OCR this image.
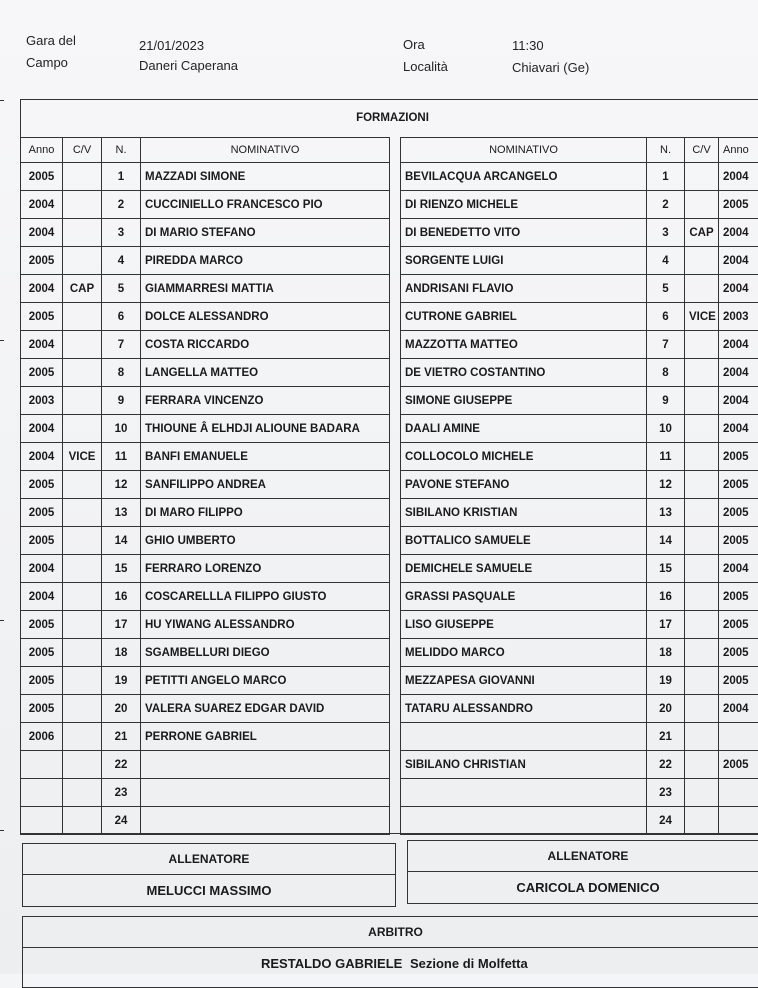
Gara del	21/01/2023	Ora	11:30
Campo	Daneri Caperana	Località	Chiavari (Ge)
FORMAZIONI
Anno	C/V	N.	NOMINATIVO
2005		1	MAZZADI SIMONE
2004		2	CUCCINIELLO FRANCESCO PIO
2004		3	DI MARIO STEFANO
2005		4	PIREDDA MARCO
2004	CAP	5	GIAMMARRESI MATTIA
2005		6	DOLCE ALESSANDRO
2004		7	COSTA RICCARDO
2005		8	LANGELLA MATTEO
2003		9	FERRARA VINCENZO
2004		10	THIOUNE Â ELHDJI ALIOUNE BADARA
2004	VICE	11	BANFI EMANUELE
2005		12	SANFILIPPO ANDREA
2005		13	DI MARO FILIPPO
2005		14	GHIO UMBERTO
2004		15	FERRARO LORENZO
2004		16	COSCARELLLA FILIPPO GIUSTO
2005		17	HU YIWANG ALESSANDRO
2005		18	SGAMBELLURI DIEGO
2005		19	PETITTI ANGELO MARCO
2005		20	VALERA SUAREZ EDGAR DAVID
2006		21	PERRONE GABRIEL
		22	
		23	
		24	
NOMINATIVO	N.	C/V	Anno
BEVILACQUA ARCANGELO	1		2004
DI RIENZO MICHELE	2		2005
DI BENEDETTO VITO	3	CAP	2004
SORGENTE LUIGI	4		2004
ANDRISANI FLAVIO	5		2004
CUTRONE GABRIEL	6	VICE	2003
MAZZOTTA MATTEO	7		2004
DE VIETRO COSTANTINO	8		2004
SIMONE GIUSEPPE	9		2004
DAALI AMINE	10		2004
COLLOCOLO MICHELE	11		2005
PAVONE STEFANO	12		2005
SIBILANO KRISTIAN	13		2005
BOTTALICO SAMUELE	14		2005
DEMICHELE SAMUELE	15		2004
GRASSI PASQUALE	16		2005
LISO GIUSEPPE	17		2005
MELIDDO MARCO	18		2005
MEZZAPESA GIOVANNI	19		2005
TATARU ALESSANDRO	20		2004
	21		
SIBILANO CHRISTIAN	22		2005
	23		
	24		
ALLENATORE
MELUCCI MASSIMO
ALLENATORE
CARICOLA DOMENICO
ARBITRO
RESTALDO GABRIELE Sezione di Molfetta
